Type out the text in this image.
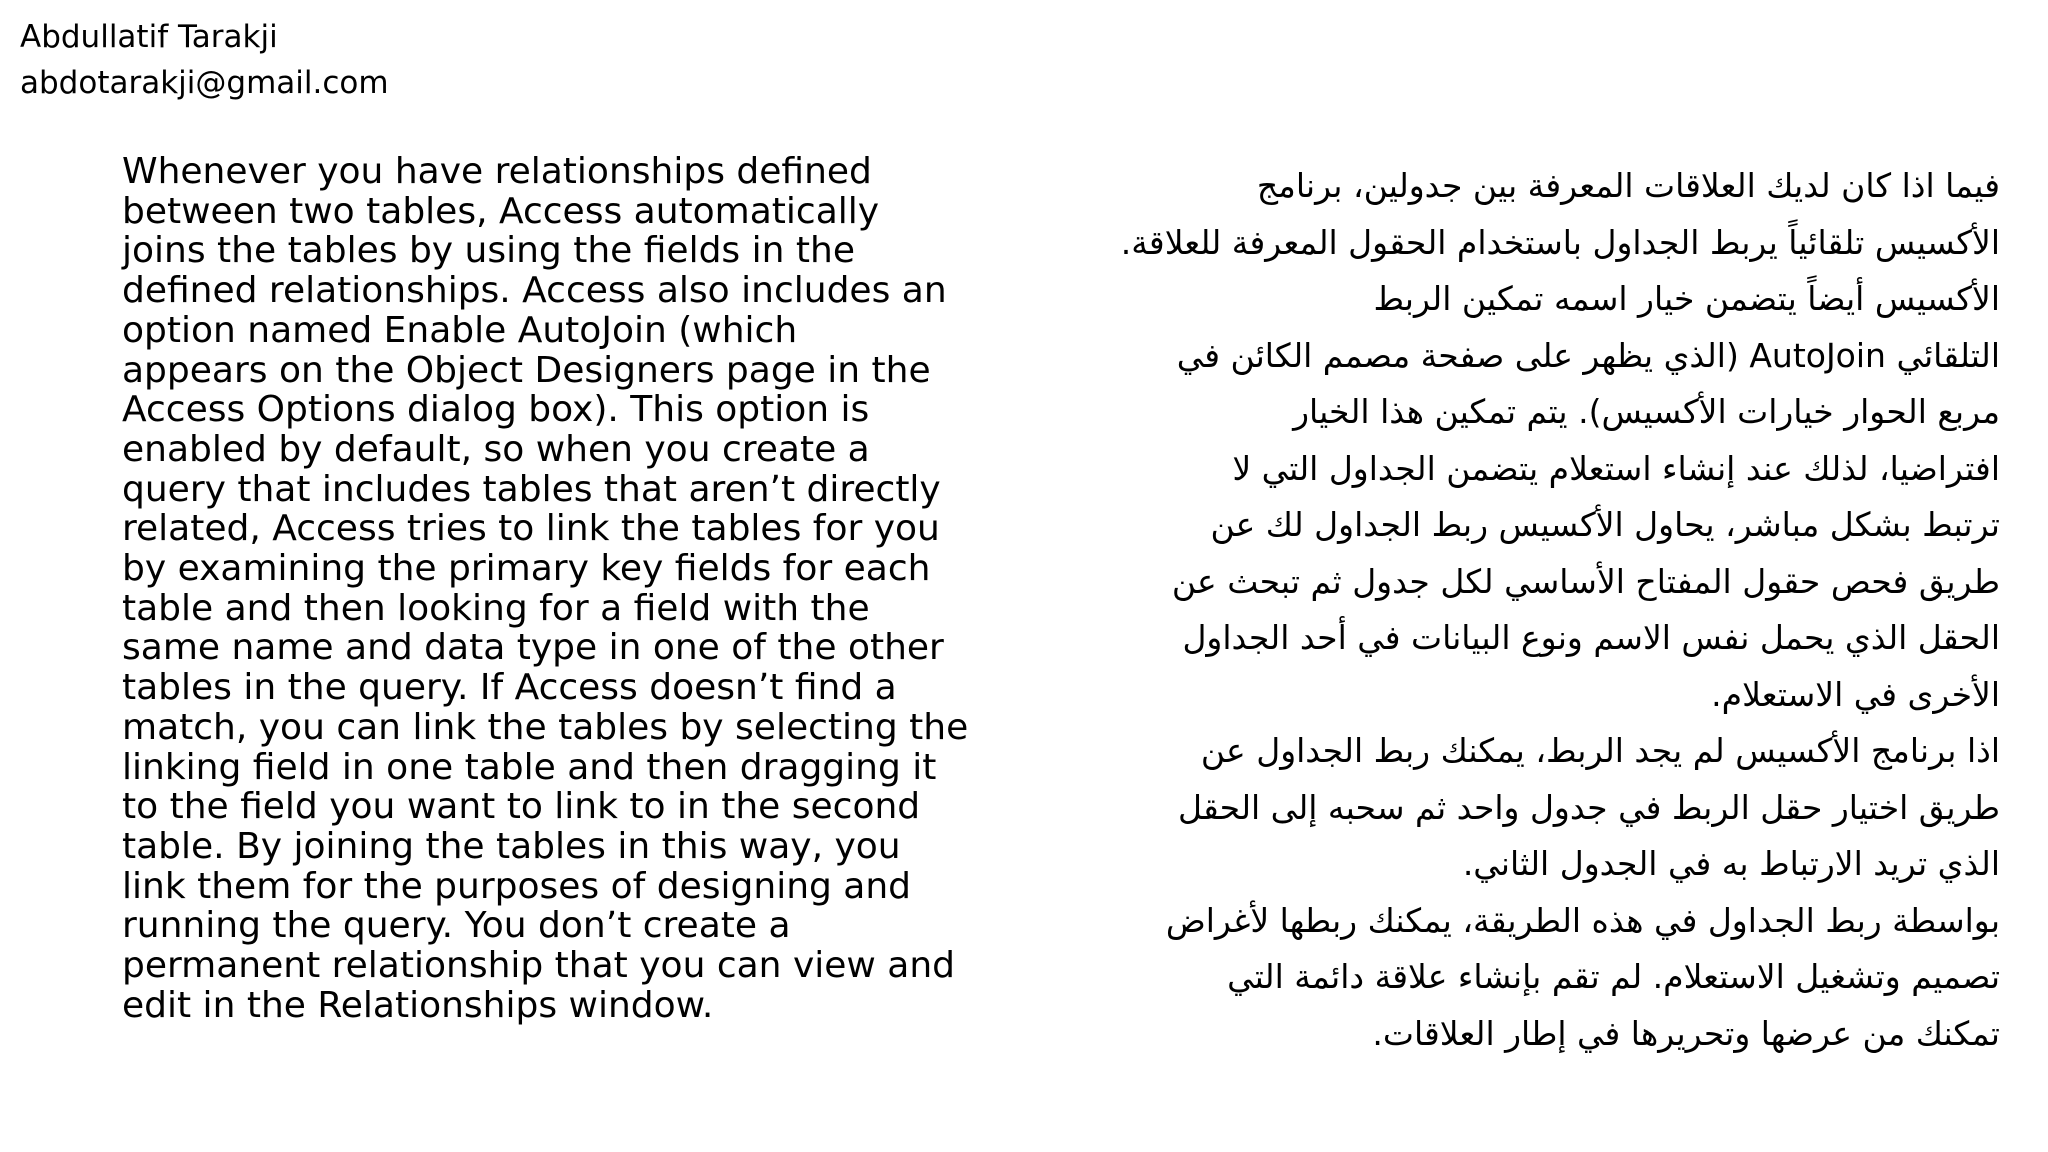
Abdullatif Tarakji
abdotarakji@gmail.com
Whenever you have relationships defined
between two tables, Access automatically
joins the tables by using the fields in the
defined relationships. Access also includes an
option named Enable AutoJoin (which
appears on the Object Designers page in the
Access Options dialog box). This option is
enabled by default, so when you create a
query that includes tables that aren’t directly
related, Access tries to link the tables for you
by examining the primary key fields for each
table and then looking for a field with the
same name and data type in one of the other
tables in the query. If Access doesn’t find a
match, you can link the tables by selecting the
linking field in one table and then dragging it
to the field you want to link to in the second
table. By joining the tables in this way, you
link them for the purposes of designing and
running the query. You don’t create a
permanent relationship that you can view and
edit in the Relationships window.
فيما اذا كان لديك العلاقات المعرفة بين جدولين، برنامج
الأكسيس تلقائياً يربط الجداول باستخدام الحقول المعرفة للعلاقة.
الأكسيس أيضاً يتضمن خيار اسمه تمكين الربط
التلقائي AutoJoin (الذي يظهر على صفحة مصمم الكائن في
مربع الحوار خيارات الأكسيس). يتم تمكين هذا الخيار
افتراضيا، لذلك عند إنشاء استعلام يتضمن الجداول التي لا
ترتبط بشكل مباشر، يحاول الأكسيس ربط الجداول لك عن
طريق فحص حقول المفتاح الأساسي لكل جدول ثم تبحث عن
الحقل الذي يحمل نفس الاسم ونوع البيانات في أحد الجداول
الأخرى في الاستعلام.
اذا برنامج الأكسيس لم يجد الربط، يمكنك ربط الجداول عن
طريق اختيار حقل الربط في جدول واحد ثم سحبه إلى الحقل
الذي تريد الارتباط به في الجدول الثاني.
بواسطة ربط الجداول في هذه الطريقة، يمكنك ربطها لأغراض
تصميم وتشغيل الاستعلام. لم تقم بإنشاء علاقة دائمة التي
تمكنك من عرضها وتحريرها في إطار العلاقات.
